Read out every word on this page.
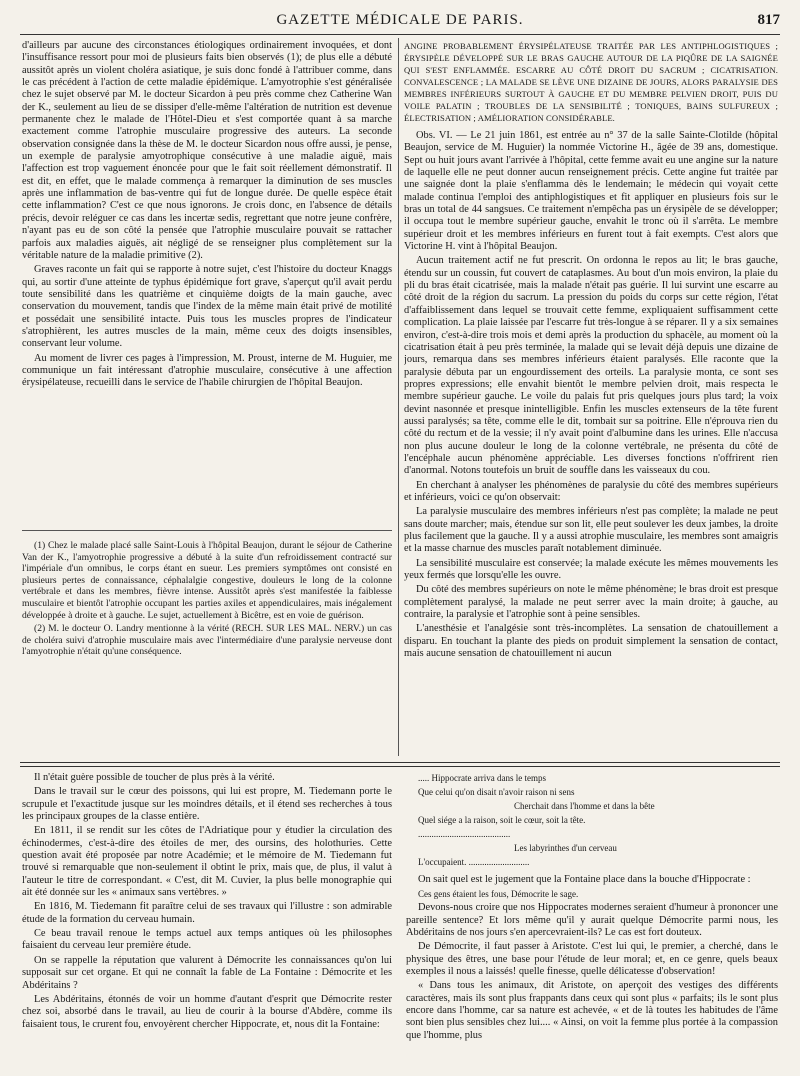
GAZETTE MÉDICALE DE PARIS.	817

d'ailleurs par aucune des circonstances étiologiques ordinairement invoquées, et dont l'insuffisance ressort pour moi de plusieurs faits bien observés (1); de plus elle a débuté aussitôt après un violent choléra asiatique, je suis donc fondé à l'attribuer comme, dans le cas précédent à l'action de cette maladie épidémique. L'amyotrophie s'est généralisée chez le sujet observé par M. le docteur Sicardon à peu près comme chez Catherine Wan der K., seulement au lieu de se dissiper d'elle-même l'altération de nutrition est devenue permanente chez le malade de l'Hôtel-Dieu et s'est comportée quant à sa marche exactement comme l'atrophie musculaire progressive des auteurs. La seconde observation consignée dans la thèse de M. le docteur Sicardon nous offre aussi, je pense, un exemple de paralysie amyotrophique consécutive à une maladie aiguë, mais l'affection est trop vaguement énoncée pour que le fait soit réellement démonstratif. Il est dit, en effet, que le malade commença à remarquer la diminution de ses muscles après une inflammation de bas-ventre qui fut de longue durée. De quelle espèce était cette inflammation? C'est ce que nous ignorons. Je crois donc, en l'absence de détails précis, devoir reléguer ce cas dans les incertæ sedis, regrettant que notre jeune confrère, n'ayant pas eu de son côté la pensée que l'atrophie musculaire pouvait se rattacher parfois aux maladies aiguës, ait négligé de se renseigner plus complètement sur la véritable nature de la maladie primitive (2).

Graves raconte un fait qui se rapporte à notre sujet, c'est l'histoire du docteur Knaggs qui, au sortir d'une atteinte de typhus épidémique fort grave, s'aperçut qu'il avait perdu toute sensibilité dans les quatrième et cinquième doigts de la main gauche, avec conservation du mouvement, tandis que l'index de la même main était privé de motilité et possédait une sensibilité intacte. Puis tous les muscles propres de l'indicateur s'atrophièrent, les autres muscles de la main, même ceux des doigts insensibles, conservant leur volume.

Au moment de livrer ces pages à l'impression, M. Proust, interne de M. Huguier, me communique un fait intéressant d'atrophie musculaire, consécutive à une affection érysipélateuse, recueilli dans le service de l'habile chirurgien de l'hôpital Beaujon.

(1) Chez le malade placé salle Saint-Louis à l'hôpital Beaujon, durant le séjour de Catherine Van der K., l'amyotrophie progressive a débuté à la suite d'un refroidissement contracté sur l'impériale d'un omnibus, le corps étant en sueur. Les premiers symptômes ont consisté en plusieurs pertes de connaissance, céphalalgie congestive, douleurs le long de la colonne vertébrale et dans les membres, fièvre intense. Aussitôt après s'est manifestée la faiblesse musculaire et bientôt l'atrophie occupant les parties axiles et appendiculaires, mais inégalement développée à droite et à gauche. Le sujet, actuellement à Bicêtre, est en voie de guérison.

(2) M. le docteur O. Landry mentionne à la vérité (RECH. SUR LES MAL. NERV.) un cas de choléra suivi d'atrophie musculaire mais avec l'intermédiaire d'une paralysie nerveuse dont l'amyotrophie n'était qu'une conséquence.

ANGINE PROBABLEMENT ÉRYSIPÉLATEUSE TRAITÉE PAR LES ANTIPHLOGISTIQUES ; ÉRYSIPÈLE DÉVELOPPÉ SUR LE BRAS GAUCHE AUTOUR DE LA PIQÛRE DE LA SAIGNÉE QUI S'EST ENFLAMMÉE. ESCARRE AU CÔTÉ DROIT DU SACRUM ; CICATRISATION. CONVALESCENCE ; LA MALADE SE LÈVE UNE DIZAINE DE JOURS, ALORS PARALYSIE DES MEMBRES INFÉRIEURS SURTOUT À GAUCHE ET DU MEMBRE PELVIEN DROIT, PUIS DU VOILE PALATIN ; TROUBLES DE LA SENSIBILITÉ ; TONIQUES, BAINS SULFUREUX ; ÉLECTRISATION ; AMÉLIORATION CONSIDÉRABLE.

Obs. VI. — Le 21 juin 1861, est entrée au n° 37 de la salle Sainte-Clotilde (hôpital Beaujon, service de M. Huguier) la nommée Victorine H., âgée de 39 ans, domestique. Sept ou huit jours avant l'arrivée à l'hôpital, cette femme avait eu une angine sur la nature de laquelle elle ne peut donner aucun renseignement précis. Cette angine fut traitée par une saignée dont la plaie s'enflamma dès le lendemain; le médecin qui voyait cette malade continua l'emploi des antiphlogistiques et fit appliquer en plusieurs fois sur le bras un total de 44 sangsues. Ce traitement n'empêcha pas un érysipèle de se développer; il occupa tout le membre supérieur gauche, envahit le tronc où il s'arrêta. Le membre supérieur droit et les membres inférieurs en furent tout à fait exempts. C'est alors que Victorine H. vint à l'hôpital Beaujon.

Aucun traitement actif ne fut prescrit. On ordonna le repos au lit; le bras gauche, étendu sur un coussin, fut couvert de cataplasmes. Au bout d'un mois environ, la plaie du pli du bras était cicatrisée, mais la malade n'était pas guérie. Il lui survint une escarre au côté droit de la région du sacrum. La pression du poids du corps sur cette région, l'état d'affaiblissement dans lequel se trouvait cette femme, expliquaient suffisamment cette complication. La plaie laissée par l'escarre fut très-longue à se réparer. Il y a six semaines environ, c'est-à-dire trois mois et demi après la production du sphacèle, au moment où la cicatrisation était à peu près terminée, la malade qui se levait déjà depuis une dizaine de jours, remarqua dans ses membres inférieurs étaient paralysés. Elle raconte que la paralysie débuta par un engourdissement des orteils. La paralysie monta, ce sont ses propres expressions; elle envahit bientôt le membre pelvien droit, mais respecta le membre supérieur gauche. Le voile du palais fut pris quelques jours plus tard; la voix devint nasonnée et presque inintelligible. Enfin les muscles extenseurs de la tête furent aussi paralysés; sa tête, comme elle le dit, tombait sur sa poitrine. Elle n'éprouva rien du côté du rectum et de la vessie; il n'y avait point d'albumine dans les urines. Elle n'accusa non plus aucune douleur le long de la colonne vertébrale, ne présenta du côté de l'encéphale aucun phénomène appréciable. Les diverses fonctions n'offrirent rien d'anormal. Notons toutefois un bruit de souffle dans les vaisseaux du cou.

En cherchant à analyser les phénomènes de paralysie du côté des membres supérieurs et inférieurs, voici ce qu'on observait:

La paralysie musculaire des membres inférieurs n'est pas complète; la malade ne peut sans doute marcher; mais, étendue sur son lit, elle peut soulever les deux jambes, la droite plus facilement que la gauche. Il y a aussi atrophie musculaire, les membres sont amaigris et la masse charnue des muscles paraît notablement diminuée.

La sensibilité musculaire est conservée; la malade exécute les mêmes mouvements les yeux fermés que lorsqu'elle les ouvre.

Du côté des membres supérieurs on note le même phénomène; le bras droit est presque complètement paralysé, la malade ne peut serrer avec la main droite; à gauche, au contraire, la paralysie et l'atrophie sont à peine sensibles.

L'anesthésie et l'analgésie sont très-incomplètes. La sensation de chatouillement a disparu. En touchant la plante des pieds on produit simplement la sensation de contact, mais aucune sensation de chatouillement ni aucun

Il n'était guère possible de toucher de plus près à la vérité.

Dans le travail sur le cœur des poissons, qui lui est propre, M. Tiedemann porte le scrupule et l'exactitude jusque sur les moindres détails, et il étend ses recherches à tous les principaux groupes de la classe entière.

En 1811, il se rendit sur les côtes de l'Adriatique pour y étudier la circulation des échinodermes, c'est-à-dire des étoiles de mer, des oursins, des holothuries. Cette question avait été proposée par notre Académie; et le mémoire de M. Tiedemann fut trouvé si remarquable que non-seulement il obtint le prix, mais que, de plus, il valut à l'auteur le titre de correspondant. « C'est, dit M. Cuvier, la plus belle monographie qui ait été donnée sur les « animaux sans vertèbres. »

En 1816, M. Tiedemann fit paraître celui de ses travaux qui l'illustre : son admirable étude de la formation du cerveau humain.

Ce beau travail renoue le temps actuel aux temps antiques où les philosophes faisaient du cerveau leur première étude.

On se rappelle la réputation que valurent à Démocrite les connaissances qu'on lui supposait sur cet organe. Et qui ne connaît la fable de La Fontaine : Démocrite et les Abdéritains ?

Les Abdéritains, étonnés de voir un homme d'autant d'esprit que Démocrite rester chez soi, absorbé dans le travail, au lieu de courir à la bourse d'Abdère, comme ils faisaient tous, le crurent fou, envoyèrent chercher Hippocrate, et, nous dit la Fontaine:

..... Hippocrate arriva dans le temps

Que celui qu'on disait n'avoir raison ni sens

Cherchait dans l'homme et dans la bête

Quel siége a la raison, soit le cœur, soit la tête.

.........................................

Les labyrinthes d'un cerveau

L'occupaient. ...........................

On sait quel est le jugement que la Fontaine place dans la bouche d'Hippocrate :

Ces gens étaient les fous, Démocrite le sage.

Devons-nous croire que nos Hippocrates modernes seraient d'humeur à prononcer une pareille sentence? Et lors même qu'il y aurait quelque Démocrite parmi nous, les Abdéritains de nos jours s'en apercevraient-ils? Le cas est fort douteux.

De Démocrite, il faut passer à Aristote. C'est lui qui, le premier, a cherché, dans le physique des êtres, une base pour l'étude de leur moral; et, en ce genre, quels beaux exemples il nous a laissés! quelle finesse, quelle délicatesse d'observation!

« Dans tous les animaux, dit Aristote, on aperçoit des vestiges des différents caractères, mais ils sont plus frappants dans ceux qui sont plus « parfaits; ils le sont plus encore dans l'homme, car sa nature est achevée, « et de là toutes les habitudes de l'âme sont bien plus sensibles chez lui.... « Ainsi, on voit la femme plus portée à la compassion que l'homme, plus
